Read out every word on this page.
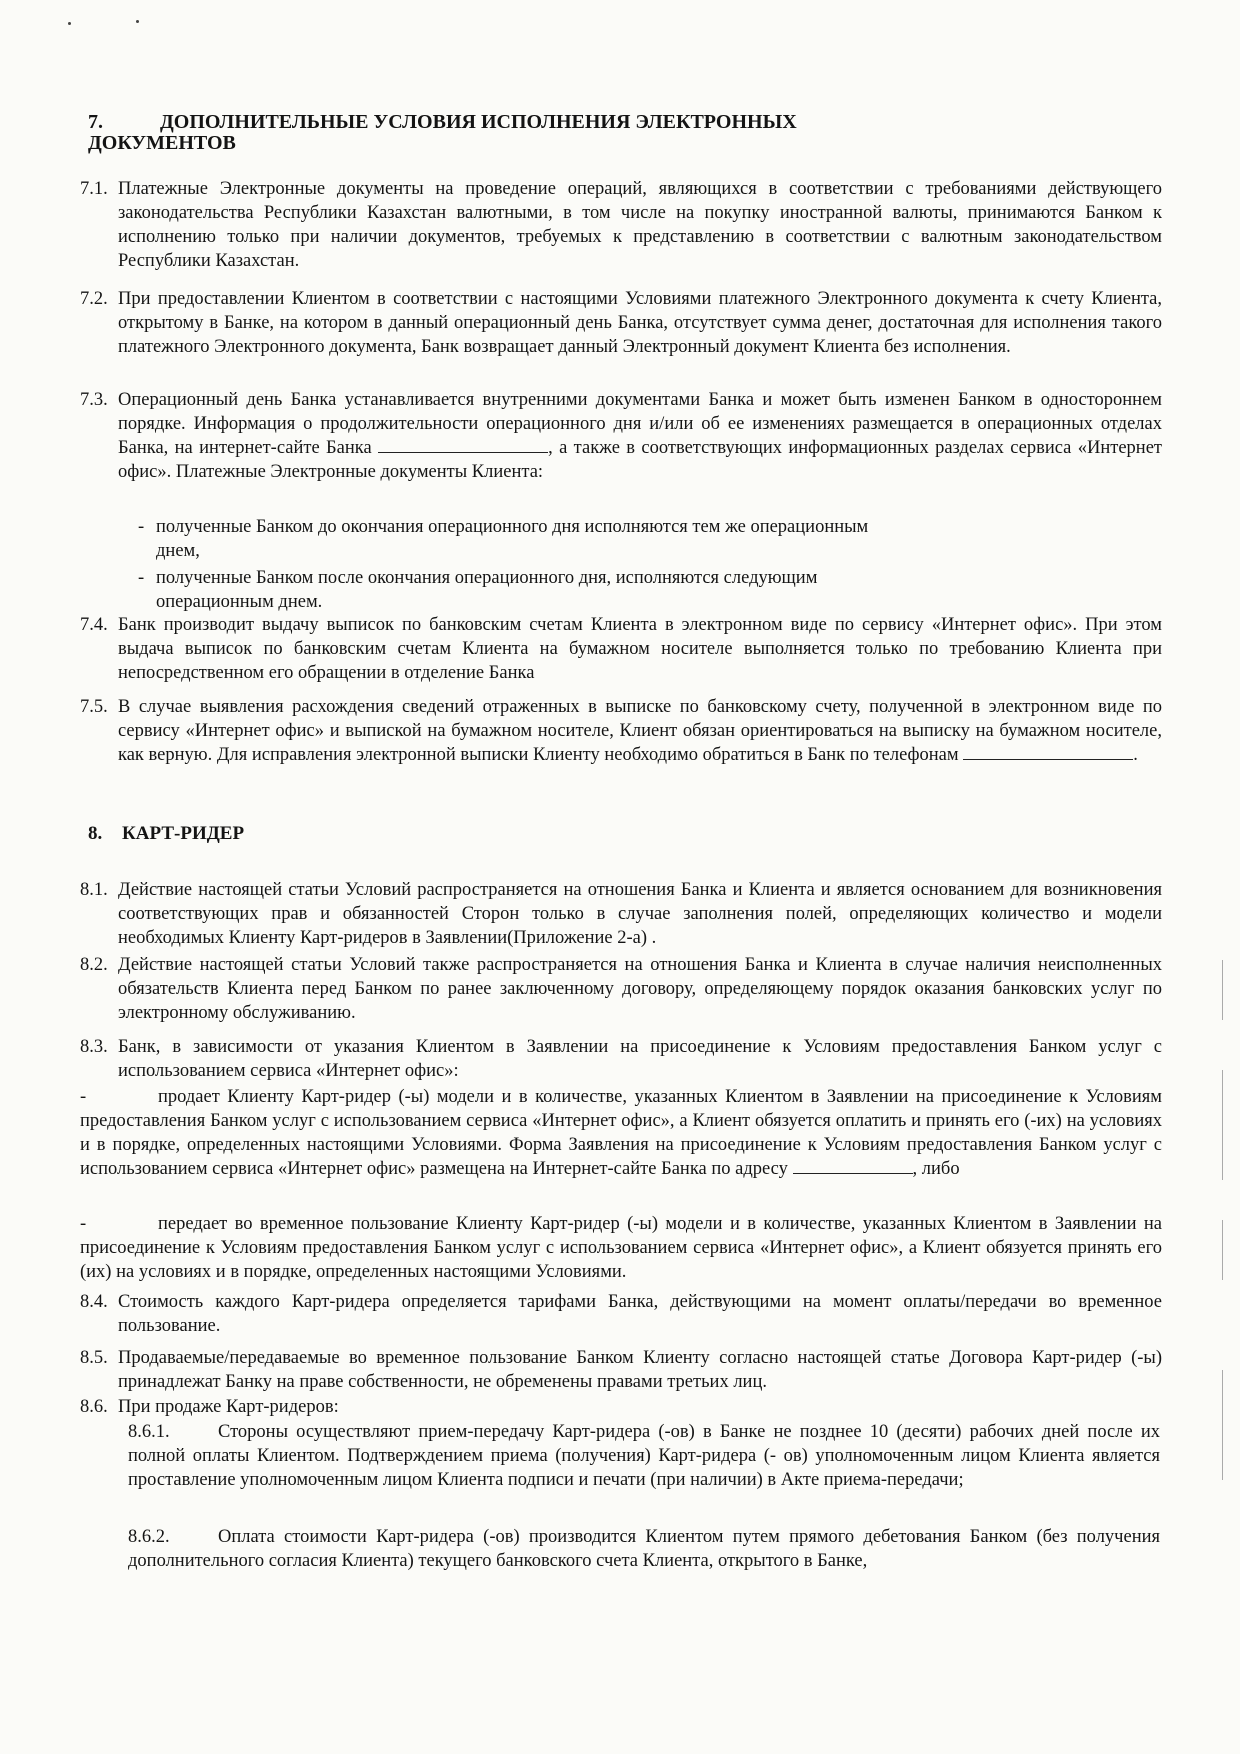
7.	ДОПОЛНИТЕЛЬНЫЕ УСЛОВИЯ ИСПОЛНЕНИЯ ЭЛЕКТРОННЫХ
ДОКУМЕНТОВ
7.1. Платежные Электронные документы на проведение операций, являющихся в соответствии с требованиями действующего законодательства Республики Казахстан валютными, в том числе на покупку иностранной валюты, принимаются Банком к исполнению только при наличии документов, требуемых к представлению в соответствии с валютным законодательством Республики Казахстан.
7.2. При предоставлении Клиентом в соответствии с настоящими Условиями платежного Электронного документа к счету Клиента, открытому в Банке, на котором в данный операционный день Банка, отсутствует сумма денег, достаточная для исполнения такого платежного Электронного документа, Банк возвращает данный Электронный документ Клиента без исполнения.
7.3. Операционный день Банка устанавливается внутренними документами Банка и может быть изменен Банком в одностороннем порядке. Информация о продолжительности операционного дня и/или об ее изменениях размещается в операционных отделах Банка, на интернет-сайте Банка	, а также в соответствующих информационных разделах сервиса «Интернет офис». Платежные Электронные документы Клиента:
- полученные Банком до окончания операционного дня исполняются тем же операционным
днем,
- полученные Банком после окончания операционного дня, исполняются следующим
операционным днем.
7.4. Банк производит выдачу выписок по банковским счетам Клиента в электронном виде по сервису «Интернет офис». При этом выдача выписок по банковским счетам Клиента на бумажном носителе выполняется только по требованию Клиента при непосредственном его обращении в отделение Банка
7.5. В случае выявления расхождения сведений отраженных в выписке по банковскому счету, полученной в электронном виде по сервису «Интернет офис» и выпиской на бумажном носителе, Клиент обязан ориентироваться на выписку на бумажном носителе, как верную. Для исправления электронной выписки Клиенту необходимо обратиться в Банк по телефонам	.
8. КАРТ-РИДЕР
8.1. Действие настоящей статьи Условий распространяется на отношения Банка и Клиента и является основанием для возникновения соответствующих прав и обязанностей Сторон только в случае заполнения полей, определяющих количество и модели необходимых Клиенту Карт-ридеров в Заявлении(Приложение 2-а) .
8.2. Действие настоящей статьи Условий также распространяется на отношения Банка и Клиента в случае наличия неисполненных обязательств Клиента перед Банком по ранее заключенному договору, определяющему порядок оказания банковских услуг по электронному обслуживанию.
8.3. Банк, в зависимости от указания Клиентом в Заявлении на присоединение к Условиям предоставления Банком услуг с использованием сервиса «Интернет офис»:
-	продает Клиенту Карт-ридер (-ы) модели и в количестве, указанных Клиентом в Заявлении на присоединение к Условиям предоставления Банком услуг с использованием сервиса «Интернет офис», а Клиент обязуется оплатить и принять его (-их) на условиях и в порядке, определенных настоящими Условиями. Форма Заявления на присоединение к Условиям предоставления Банком услуг с использованием сервиса «Интернет офис» размещена на Интернет-сайте Банка по адресу	, либо
-	передает во временное пользование Клиенту Карт-ридер (-ы) модели и в количестве, указанных Клиентом в Заявлении на присоединение к Условиям предоставления Банком услуг с использованием сервиса «Интернет офис», а Клиент обязуется принять его (их) на условиях и в порядке, определенных настоящими Условиями.
8.4. Стоимость каждого Карт-ридера определяется тарифами Банка, действующими на момент оплаты/передачи во временное пользование.
8.5. Продаваемые/передаваемые во временное пользование Банком Клиенту согласно настоящей статье Договора Карт-ридер (-ы) принадлежат Банку на праве собственности, не обременены правами третьих лиц.
8.6. При продаже Карт-ридеров:
8.6.1.	Стороны осуществляют прием-передачу Карт-ридера (-ов) в Банке не позднее 10 (десяти) рабочих дней после их полной оплаты Клиентом. Подтверждением приема (получения) Карт-ридера (- ов) уполномоченным лицом Клиента является проставление уполномоченным лицом Клиента подписи и печати (при наличии) в Акте приема-передачи;
8.6.2.	Оплата стоимости Карт-ридера (-ов) производится Клиентом путем прямого дебетования Банком (без получения дополнительного согласия Клиента) текущего банковского счета Клиента, открытого в Банке,
